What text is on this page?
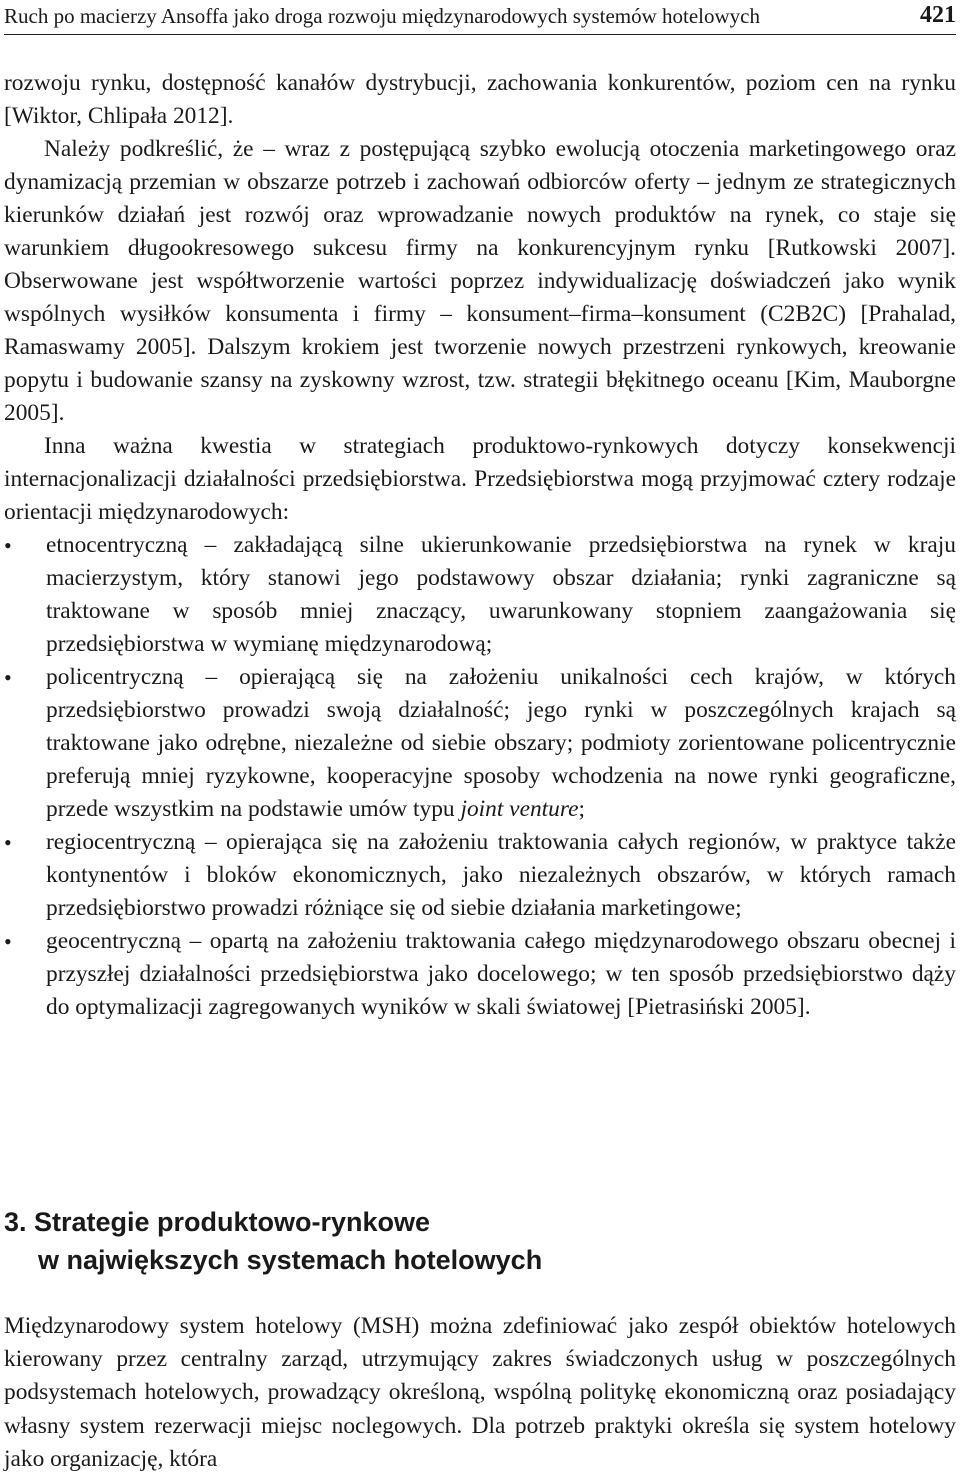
Ruch po macierzy Ansoffa jako droga rozwoju międzynarodowych systemów hotelowych	421

rozwoju rynku, dostępność kanałów dystrybucji, zachowania konkurentów, poziom cen na rynku [Wiktor, Chlipała 2012].

Należy podkreślić, że – wraz z postępującą szybko ewolucją otoczenia marketingowego oraz dynamizacją przemian w obszarze potrzeb i zachowań odbiorców oferty – jednym ze strategicznych kierunków działań jest rozwój oraz wprowadzanie nowych produktów na rynek, co staje się warunkiem długookresowego sukcesu firmy na konkurencyjnym rynku [Rutkowski 2007]. Obserwowane jest współtworzenie wartości poprzez indywidualizację doświadczeń jako wynik wspólnych wysiłków konsumenta i firmy – konsument–firma–konsument (C2B2C) [Prahalad, Ramaswamy 2005]. Dalszym krokiem jest tworzenie nowych przestrzeni rynkowych, kreowanie popytu i budowanie szansy na zyskowny wzrost, tzw. strategii błękitnego oceanu [Kim, Mauborgne 2005].

Inna ważna kwestia w strategiach produktowo-rynkowych dotyczy konsekwencji internacjonalizacji działalności przedsiębiorstwa. Przedsiębiorstwa mogą przyjmować cztery rodzaje orientacji międzynarodowych:

• etnocentryczną – zakładającą silne ukierunkowanie przedsiębiorstwa na rynek w kraju macierzystym, który stanowi jego podstawowy obszar działania; rynki zagraniczne są traktowane w sposób mniej znaczący, uwarunkowany stopniem zaangażowania się przedsiębiorstwa w wymianę międzynarodową;
• policentryczną – opierającą się na założeniu unikalności cech krajów, w których przedsiębiorstwo prowadzi swoją działalność; jego rynki w poszczególnych krajach są traktowane jako odrębne, niezależne od siebie obszary; podmioty zorientowane policentrycznie preferują mniej ryzykowne, kooperacyjne sposoby wchodzenia na nowe rynki geograficzne, przede wszystkim na podstawie umów typu joint venture;
• regiocentryczną – opierająca się na założeniu traktowania całych regionów, w praktyce także kontynentów i bloków ekonomicznych, jako niezależnych obszarów, w których ramach przedsiębiorstwo prowadzi różniące się od siebie działania marketingowe;
• geocentryczną – opartą na założeniu traktowania całego międzynarodowego obszaru obecnej i przyszłej działalności przedsiębiorstwa jako docelowego; w ten sposób przedsiębiorstwo dąży do optymalizacji zagregowanych wyników w skali światowej [Pietrasiński 2005].
3. Strategie produktowo-rynkowe
w największych systemach hotelowych

Międzynarodowy system hotelowy (MSH) można zdefiniować jako zespół obiektów hotelowych kierowany przez centralny zarząd, utrzymujący zakres świadczonych usług w poszczególnych podsystemach hotelowych, prowadzący określoną, wspólną politykę ekonomiczną oraz posiadający własny system rezerwacji miejsc noclegowych. Dla potrzeb praktyki określa się system hotelowy jako organizację, która
